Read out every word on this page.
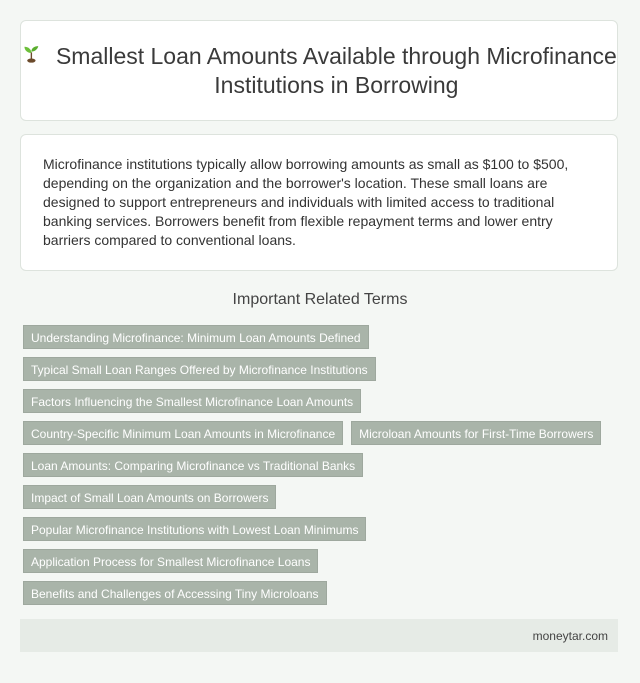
Smallest Loan Amounts Available through Microfinance Institutions in Borrowing

Microfinance institutions typically allow borrowing amounts as small as $100 to $500, depending on the organization and the borrower's location. These small loans are designed to support entrepreneurs and individuals with limited access to traditional banking services. Borrowers benefit from flexible repayment terms and lower entry barriers compared to conventional loans.

Important Related Terms
Understanding Microfinance: Minimum Loan Amounts Defined
Typical Small Loan Ranges Offered by Microfinance Institutions
Factors Influencing the Smallest Microfinance Loan Amounts
Country-Specific Minimum Loan Amounts in Microfinance	Microloan Amounts for First-Time Borrowers
Loan Amounts: Comparing Microfinance vs Traditional Banks
Impact of Small Loan Amounts on Borrowers
Popular Microfinance Institutions with Lowest Loan Minimums
Application Process for Smallest Microfinance Loans
Benefits and Challenges of Accessing Tiny Microloans
moneytar.com
